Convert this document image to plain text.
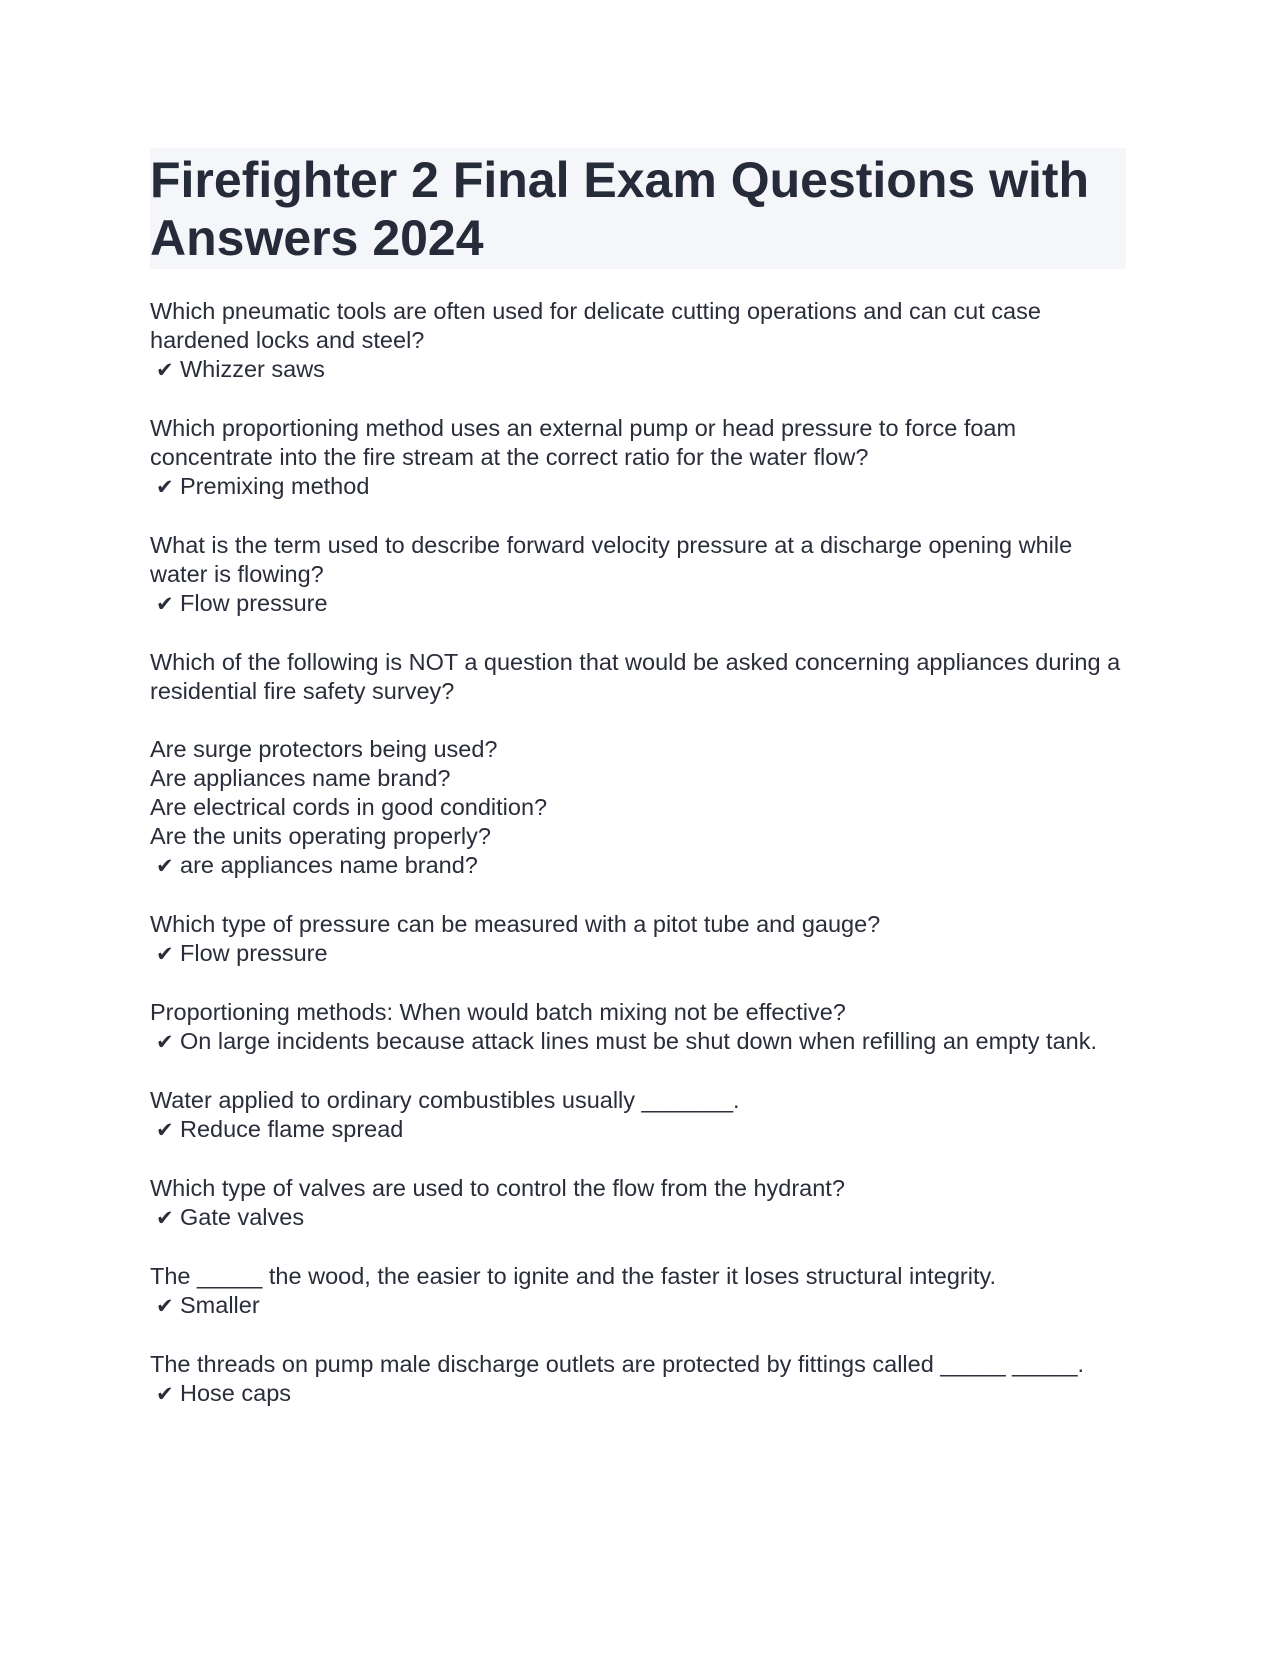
Firefighter 2 Final Exam Questions with Answers 2024

Which pneumatic tools are often used for delicate cutting operations and can cut case hardened locks and steel?

✔ Whizzer saws

Which proportioning method uses an external pump or head pressure to force foam concentrate into the fire stream at the correct ratio for the water flow?

✔ Premixing method

What is the term used to describe forward velocity pressure at a discharge opening while water is flowing?

✔ Flow pressure

Which of the following is NOT a question that would be asked concerning appliances during a residential fire safety survey?

Are surge protectors being used?

Are appliances name brand?

Are electrical cords in good condition?

Are the units operating properly?

✔ are appliances name brand?

Which type of pressure can be measured with a pitot tube and gauge?

✔ Flow pressure

Proportioning methods: When would batch mixing not be effective?

✔ On large incidents because attack lines must be shut down when refilling an empty tank.

Water applied to ordinary combustibles usually _______.

✔ Reduce flame spread

Which type of valves are used to control the flow from the hydrant?

✔ Gate valves

The _____ the wood, the easier to ignite and the faster it loses structural integrity.

✔ Smaller

The threads on pump male discharge outlets are protected by fittings called _____ _____.

✔ Hose caps
